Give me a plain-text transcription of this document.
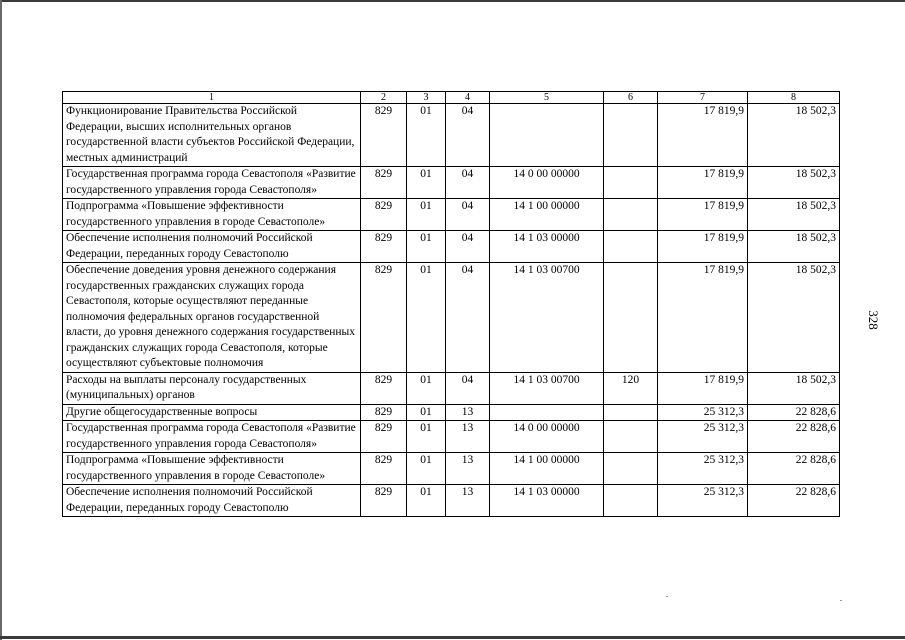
328
1	2	3	4	5	6	7	8
Функционирование Правительства Российской Федерации, высших исполнительных органов государственной власти субъектов Российской Федерации, местных администраций	829	01	04			17 819,9	18 502,3
Государственная программа города Севастополя «Развитие государственного управления города Севастополя»	829	01	04	14 0 00 00000		17 819,9	18 502,3
Подпрограмма «Повышение эффективности государственного управления в городе Севастополе»	829	01	04	14 1 00 00000		17 819,9	18 502,3
Обеспечение исполнения полномочий Российской Федерации, переданных городу Севастополю	829	01	04	14 1 03 00000		17 819,9	18 502,3
Обеспечение доведения уровня денежного содержания государственных гражданских служащих города Севастополя, которые осуществляют переданные полномочия федеральных органов государственной власти, до уровня денежного содержания государственных гражданских служащих города Севастополя, которые осуществляют субъектовые полномочия	829	01	04	14 1 03 00700		17 819,9	18 502,3
Расходы на выплаты персоналу государственных (муниципальных) органов	829	01	04	14 1 03 00700	120	17 819,9	18 502,3
Другие общегосударственные вопросы	829	01	13			25 312,3	22 828,6
Государственная программа города Севастополя «Развитие государственного управления города Севастополя»	829	01	13	14 0 00 00000		25 312,3	22 828,6
Подпрограмма «Повышение эффективности государственного управления в городе Севастополе»	829	01	13	14 1 00 00000		25 312,3	22 828,6
Обеспечение исполнения полномочий Российской Федерации, переданных городу Севастополю	829	01	13	14 1 03 00000		25 312,3	22 828,6
